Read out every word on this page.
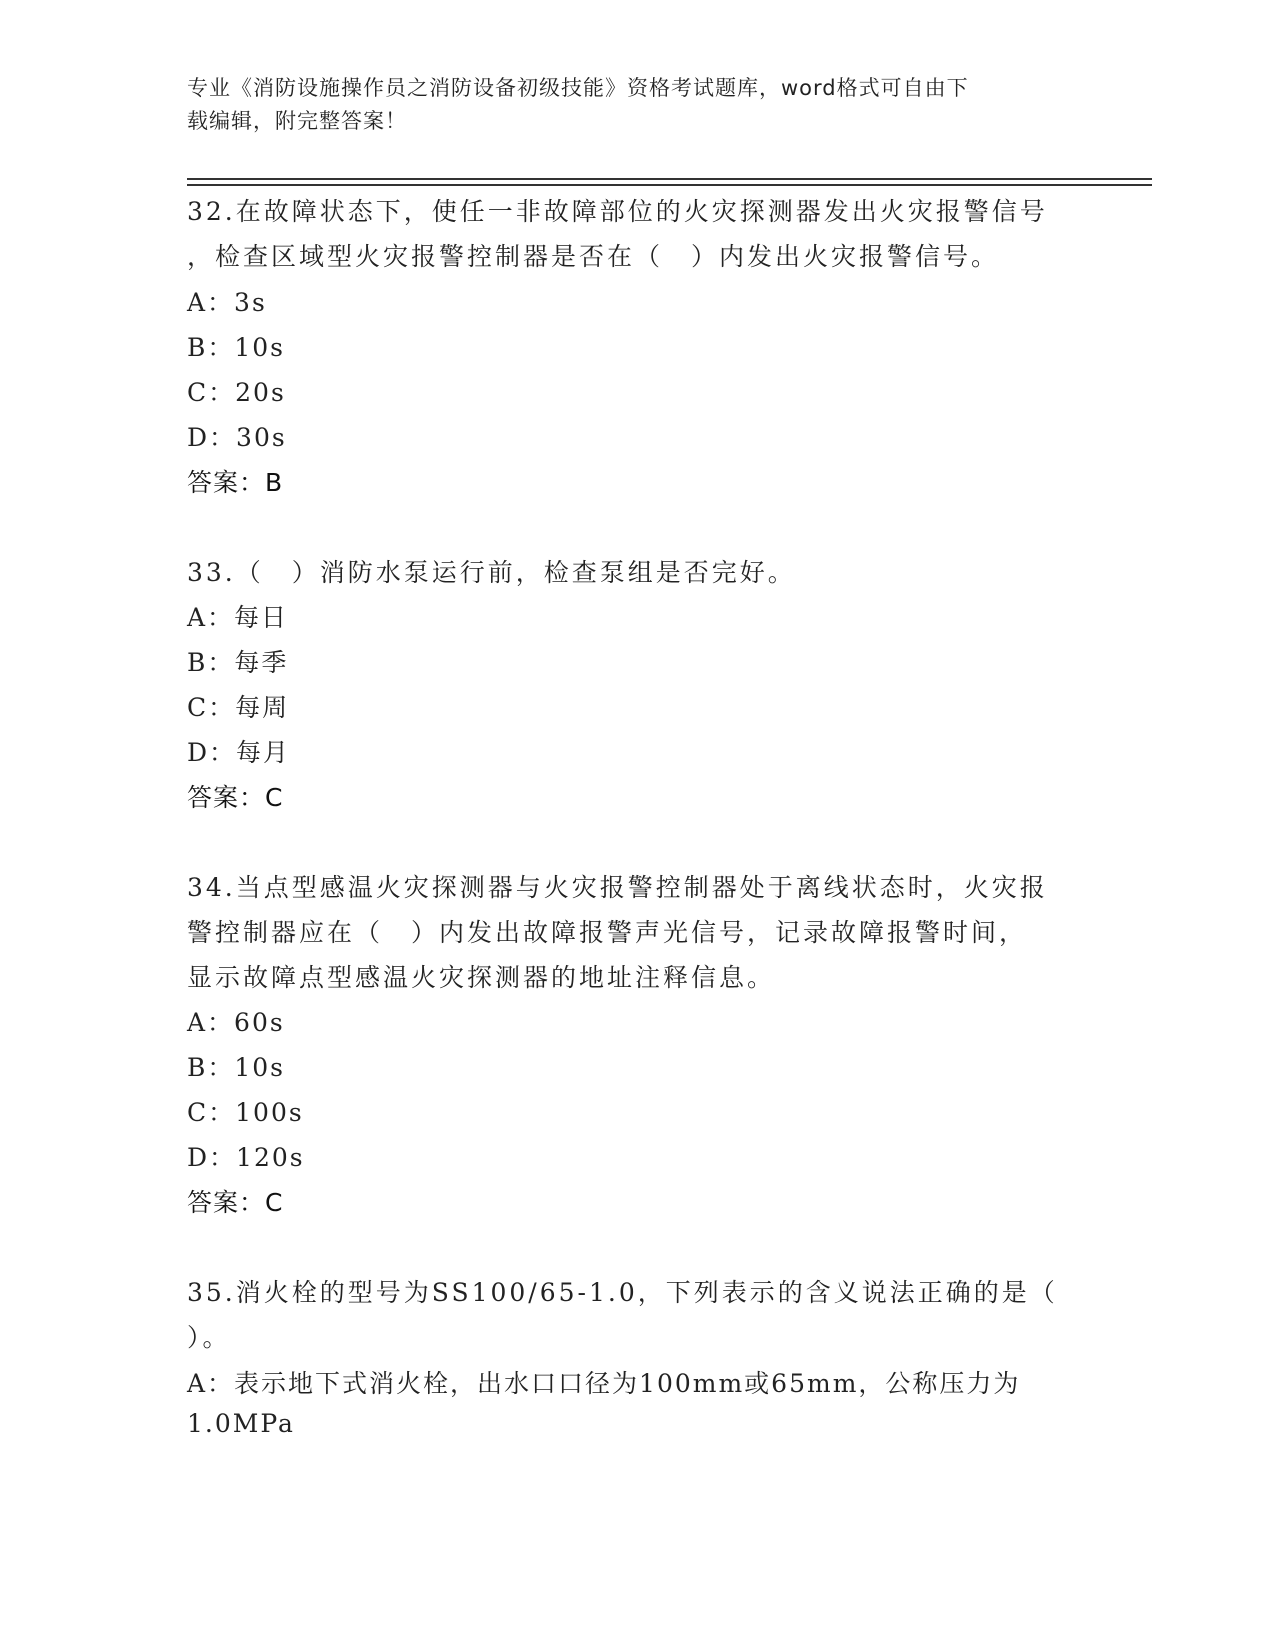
专业《消防设施操作员之消防设备初级技能》资格考试题库，word格式可自由下
载编辑，附完整答案！
32.在故障状态下，使任一非故障部位的火灾探测器发出火灾报警信号
，检查区域型火灾报警控制器是否在（　）内发出火灾报警信号。
A：3s
B：10s
C：20s
D：30s
答案：B
33.（　）消防水泵运行前，检查泵组是否完好。
A：每日
B：每季
C：每周
D：每月
答案：C
34.当点型感温火灾探测器与火灾报警控制器处于离线状态时，火灾报
警控制器应在（　）内发出故障报警声光信号，记录故障报警时间，
显示故障点型感温火灾探测器的地址注释信息。
A：60s
B：10s
C：100s
D：120s
答案：C
35.消火栓的型号为SS100/65-1.0，下列表示的含义说法正确的是（
）。
A：表示地下式消火栓，出水口口径为100mm或65mm，公称压力为
1.0MPa
